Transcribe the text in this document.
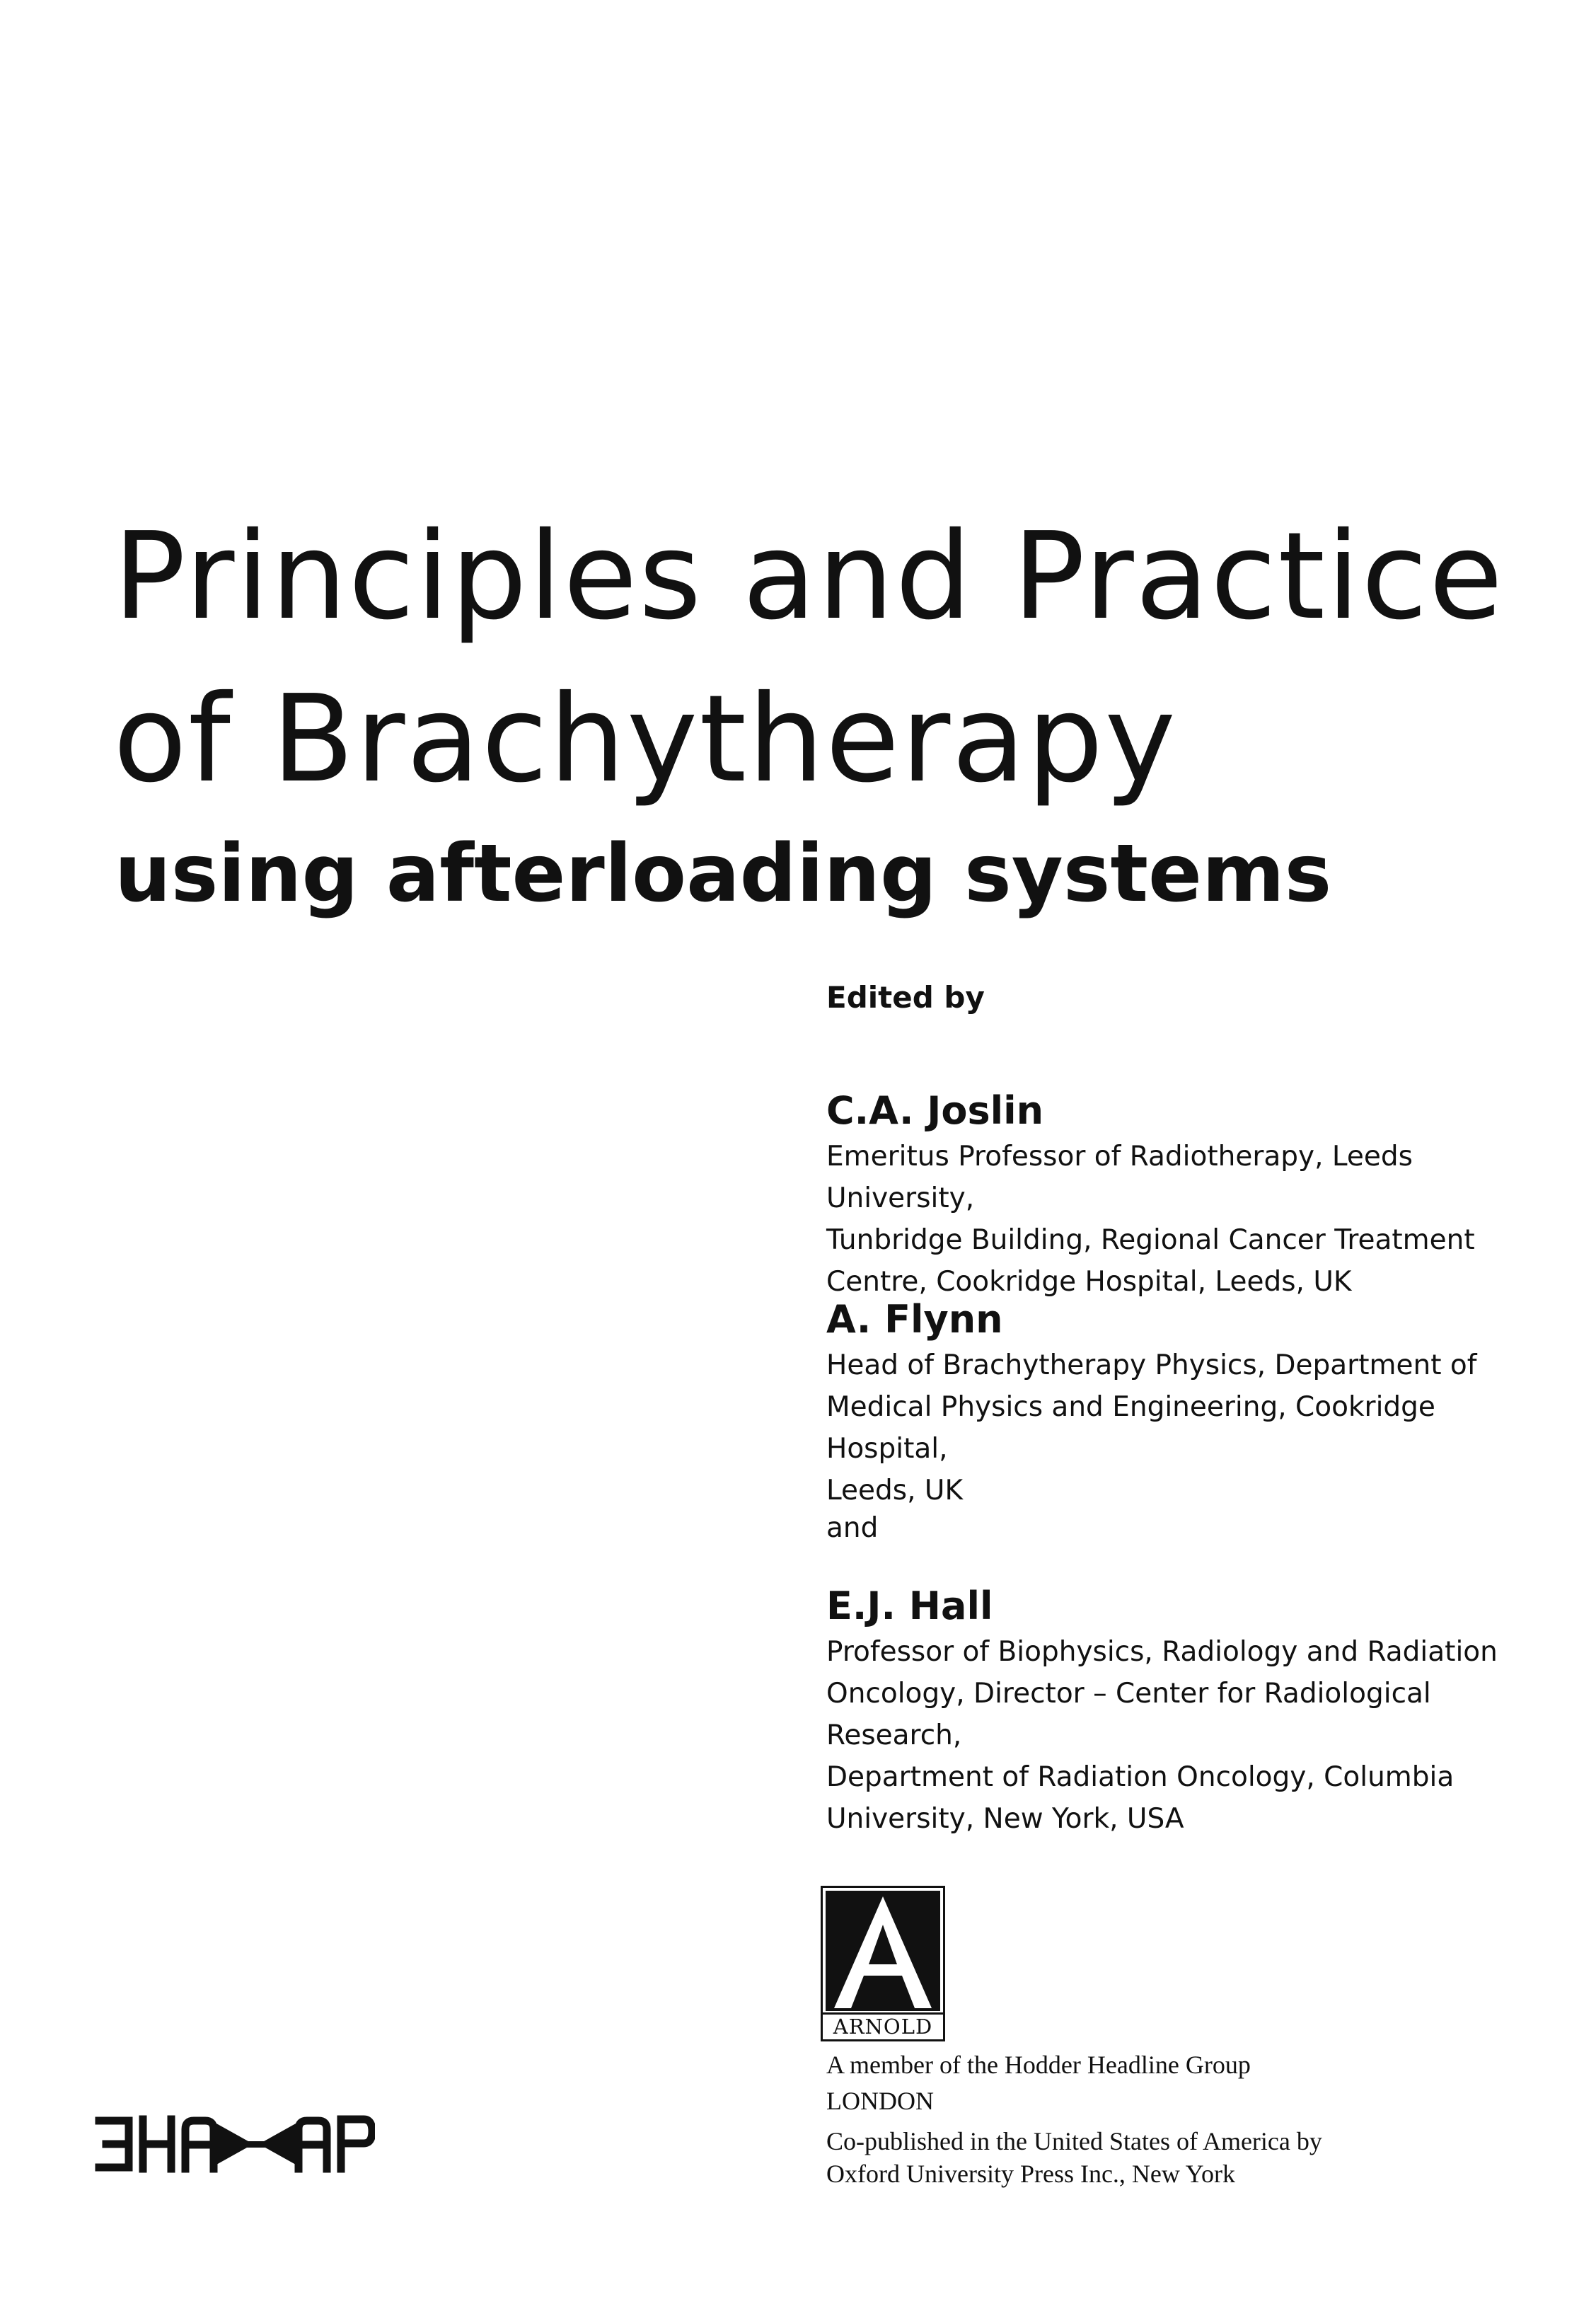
Principles and Practice
of Brachytherapy
using afterloading systems
Edited by

C.A. Joslin

Emeritus Professor of Radiotherapy, Leeds University,

Tunbridge Building, Regional Cancer Treatment

Centre, Cookridge Hospital, Leeds, UK

A. Flynn

Head of Brachytherapy Physics, Department of

Medical Physics and Engineering, Cookridge Hospital,

Leeds, UK

and

E.J. Hall

Professor of Biophysics, Radiology and Radiation

Oncology, Director – Center for Radiological Research,

Department of Radiation Oncology, Columbia

University, New York, USA

ARNOLD

A member of the Hodder Headline Group

LONDON

Co-published in the United States of America by
Oxford University Press Inc., New York
